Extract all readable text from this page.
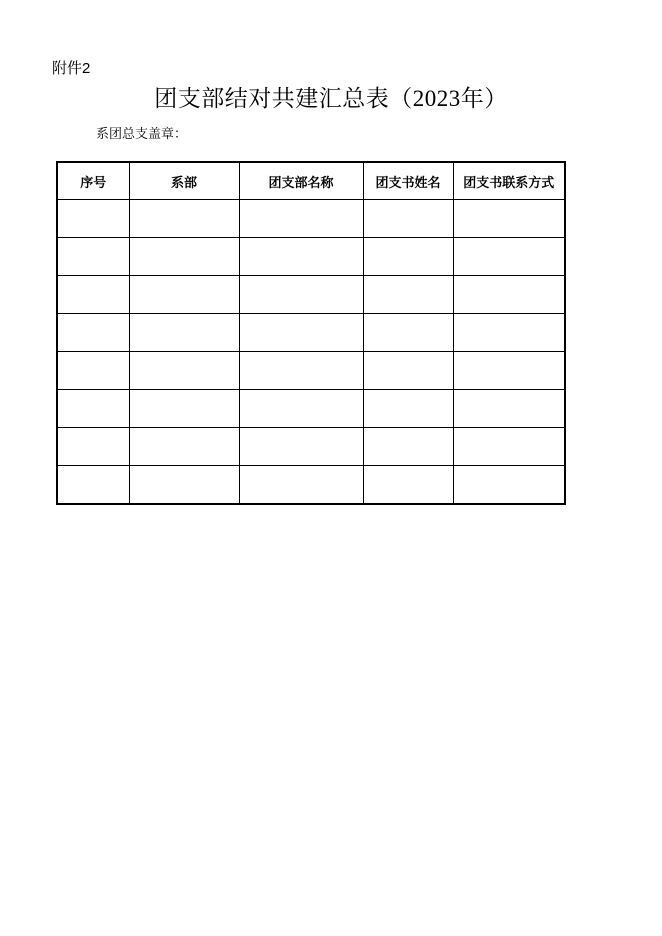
附件2
团支部结对共建汇总表（2023年）
系团总支盖章：
序号	系部	团支部名称	团支书姓名	团支书联系方式
